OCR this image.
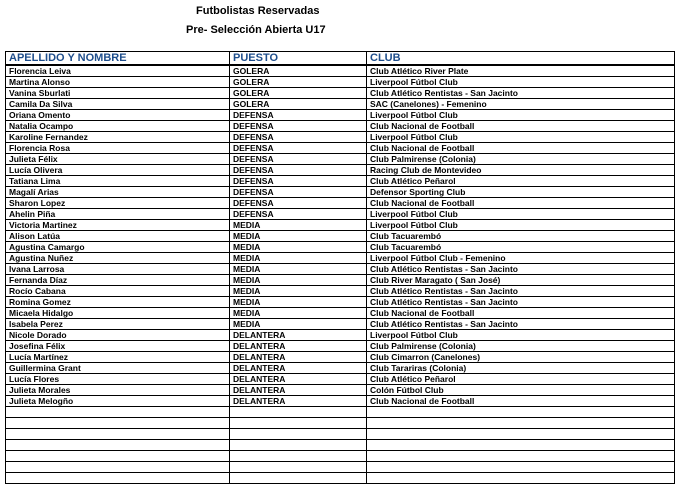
Futbolistas Reservadas
Pre- Selección Abierta U17
APELLIDO Y NOMBRE	PUESTO	CLUB
Florencia Leiva	GOLERA	Club Atlético River Plate
Martina Alonso	GOLERA	Liverpool Fútbol Club
Vanina Sburlati	GOLERA	Club Atlético Rentistas - San Jacinto
Camila Da Silva	GOLERA	SAC (Canelones) - Femenino
Oriana Omento	DEFENSA	Liverpool Fútbol Club
Natalia Ocampo	DEFENSA	Club Nacional de Football
Karoline Fernandez	DEFENSA	Liverpool Fútbol Club
Florencia Rosa	DEFENSA	Club Nacional de Football
Julieta Félix	DEFENSA	Club Palmirense (Colonia)
Lucía Olivera	DEFENSA	Racing Club de Montevideo
Tatiana Lima	DEFENSA	Club Atlético Peñarol
Magalí Arias	DEFENSA	Defensor Sporting Club
Sharon Lopez	DEFENSA	Club Nacional de Football
Ahelin Piña	DEFENSA	Liverpool Fútbol Club
Victoria Martinez	MEDIA	Liverpool Fútbol Club
Alison Latúa	MEDIA	Club Tacuarembó
Agustina Camargo	MEDIA	Club Tacuarembó
Agustina Nuñez	MEDIA	Liverpool Fútbol Club - Femenino
Ivana Larrosa	MEDIA	Club Atlético Rentistas - San Jacinto
Fernanda Díaz	MEDIA	Club River Maragato ( San José)
Rocío Cabana	MEDIA	Club Atlético Rentistas - San Jacinto
Romina Gomez	MEDIA	Club Atlético Rentistas - San Jacinto
Micaela Hidalgo	MEDIA	Club Nacional de Football
Isabela Perez	MEDIA	Club Atlético Rentistas - San Jacinto
Nicole Dorado	DELANTERA	Liverpool Fútbol Club
Josefina Félix	DELANTERA	Club Palmirense (Colonia)
Lucía Martínez	DELANTERA	Club Cimarron (Canelones)
Guillermina Grant	DELANTERA	Club Tarariras (Colonia)
Lucía Flores	DELANTERA	Club Atlético Peñarol
Julieta Morales	DELANTERA	Colón Fútbol Club
Julieta Melogño	DELANTERA	Club Nacional de Football
